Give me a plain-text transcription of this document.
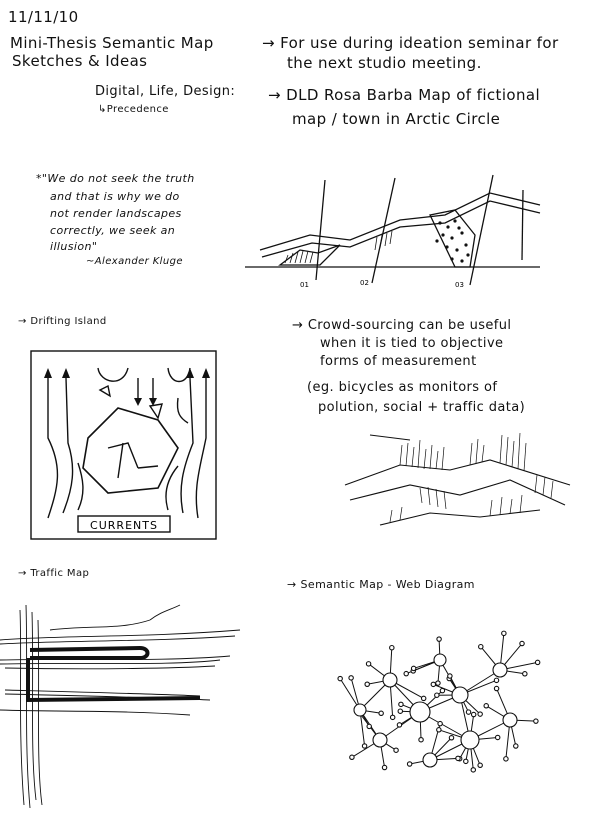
11/11/10
Mini-Thesis Semantic Map
Sketches & Ideas
→ For use during ideation seminar for
the next studio meeting.
Digital, Life, Design:
↳Precedence
→ DLD Rosa Barba Map of fictional
map / town in Arctic Circle
*"We do not seek the truth
and that is why we do
not render landscapes
correctly, we seek an
illusion"
~Alexander Kluge
01	02	03
→ Drifting Island
CURRENTS
→ Crowd-sourcing can be useful
when it is tied to objective
forms of measurement
(eg. bicycles as monitors of
polution, social + traffic data)
→ Traffic Map
→ Semantic Map - Web Diagram
